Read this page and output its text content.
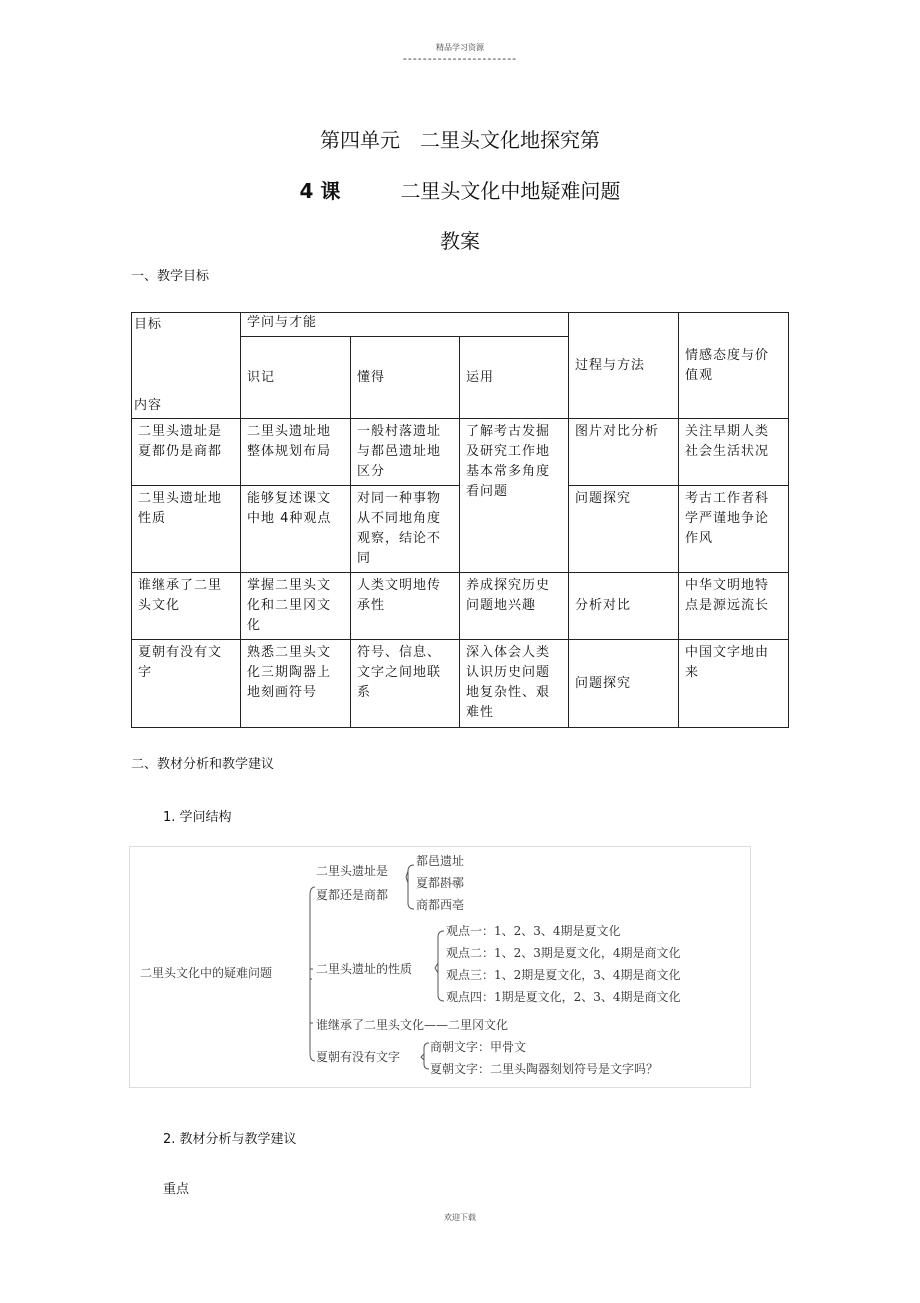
精品学习资源
-----------------------
第四单元　二里头文化地探究第
4 课	二里头文化中地疑难问题
教案
一、教学目标
目标
内容	学问与才能			过程与方法	情感态度与价值观
	识记	懂得	运用		
二里头遗址是夏都仍是商都	二里头遗址地整体规划布局	一般村落遗址与都邑遗址地区分	了解考古发掘及研究工作地基本常多角度看问题	图片对比分析	关注早期人类社会生活状况
二里头遗址地性质	能够复述课文中地 4种观点	对同一种事物从不同地角度观察，结论不同		问题探究	考古工作者科学严谨地争论作风
谁继承了二里头文化	掌握二里头文化和二里冈文化	人类文明地传承性	养成探究历史问题地兴趣	分析对比	中华文明地特点是源远流长
夏朝有没有文字	熟悉二里头文化三期陶器上地刻画符号	符号、信息、文字之间地联系	深入体会人类认识历史问题地复杂性、艰难性	问题探究	中国文字地由来
二、教材分析和教学建议
1. 学问结构
二里头文化中的疑难问题
二里头遗址是
夏都还是商都
都邑遗址
夏都斟鄩
商都西亳
二里头遗址的性质
观点一：1、2、3、4期是夏文化
观点二：1、2、3期是夏文化，4期是商文化
观点三：1、2期是夏文化，3、4期是商文化
观点四：1期是夏文化，2、3、4期是商文化
谁继承了二里头文化——二里冈文化
夏朝有没有文字
商朝文字：甲骨文
夏朝文字：二里头陶器刻划符号是文字吗？
2. 教材分析与教学建议
重点
欢迎下载
